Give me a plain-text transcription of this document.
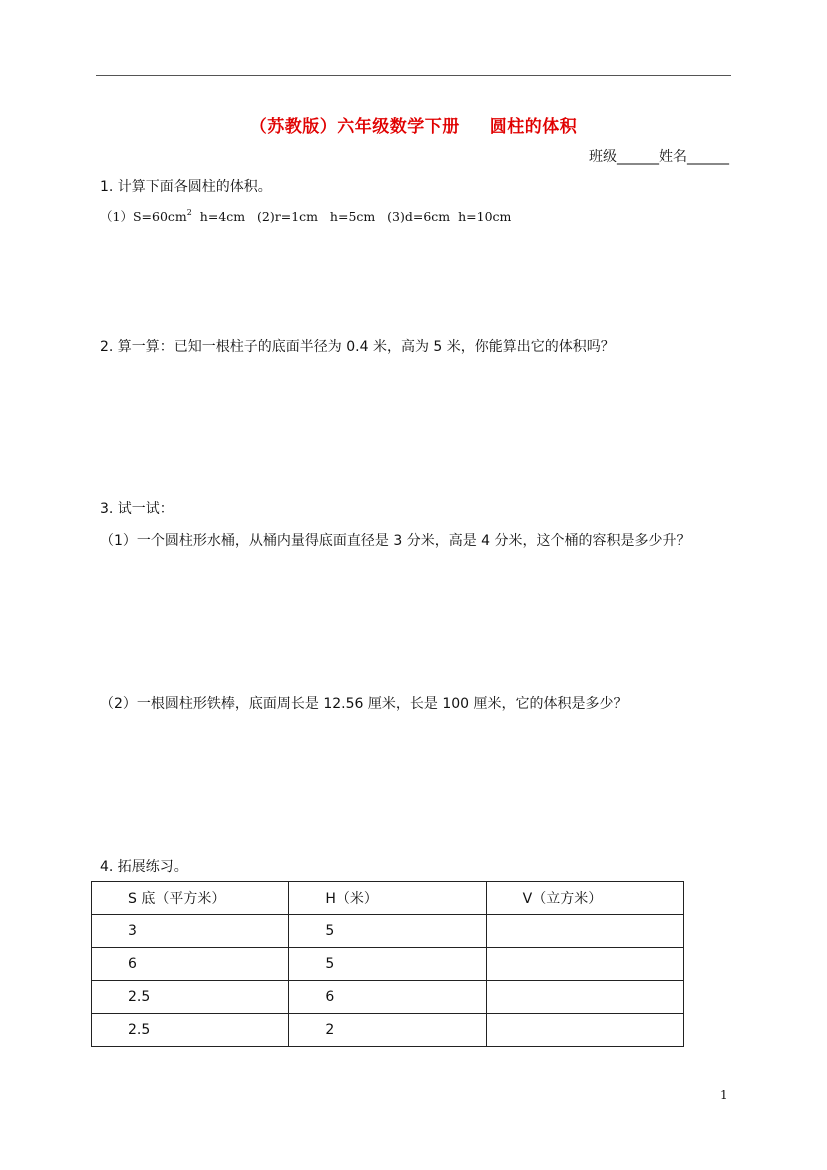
（苏教版）六年级数学下册 圆柱的体积
班级______姓名______
1. 计算下面各圆柱的体积。
$(1)S=60cm^2$  h=4cm   (2)r=1cm   h=5cm   (3)d=6cm  h=10cm
2. 算一算：已知一根柱子的底面半径为 0.4 米，高为 5 米，你能算出它的体积吗？
3. 试一试：
（1）一个圆柱形水桶，从桶内量得底面直径是 3 分米，高是 4 分米，这个桶的容积是多少升？
（2）一根圆柱形铁棒，底面周长是 12.56 厘米，长是 100 厘米，它的体积是多少？
4. 拓展练习。
S 底（平方米）	H（米）	V（立方米）
3	5	
6	5	
2.5	6	
2.5	2	
1
